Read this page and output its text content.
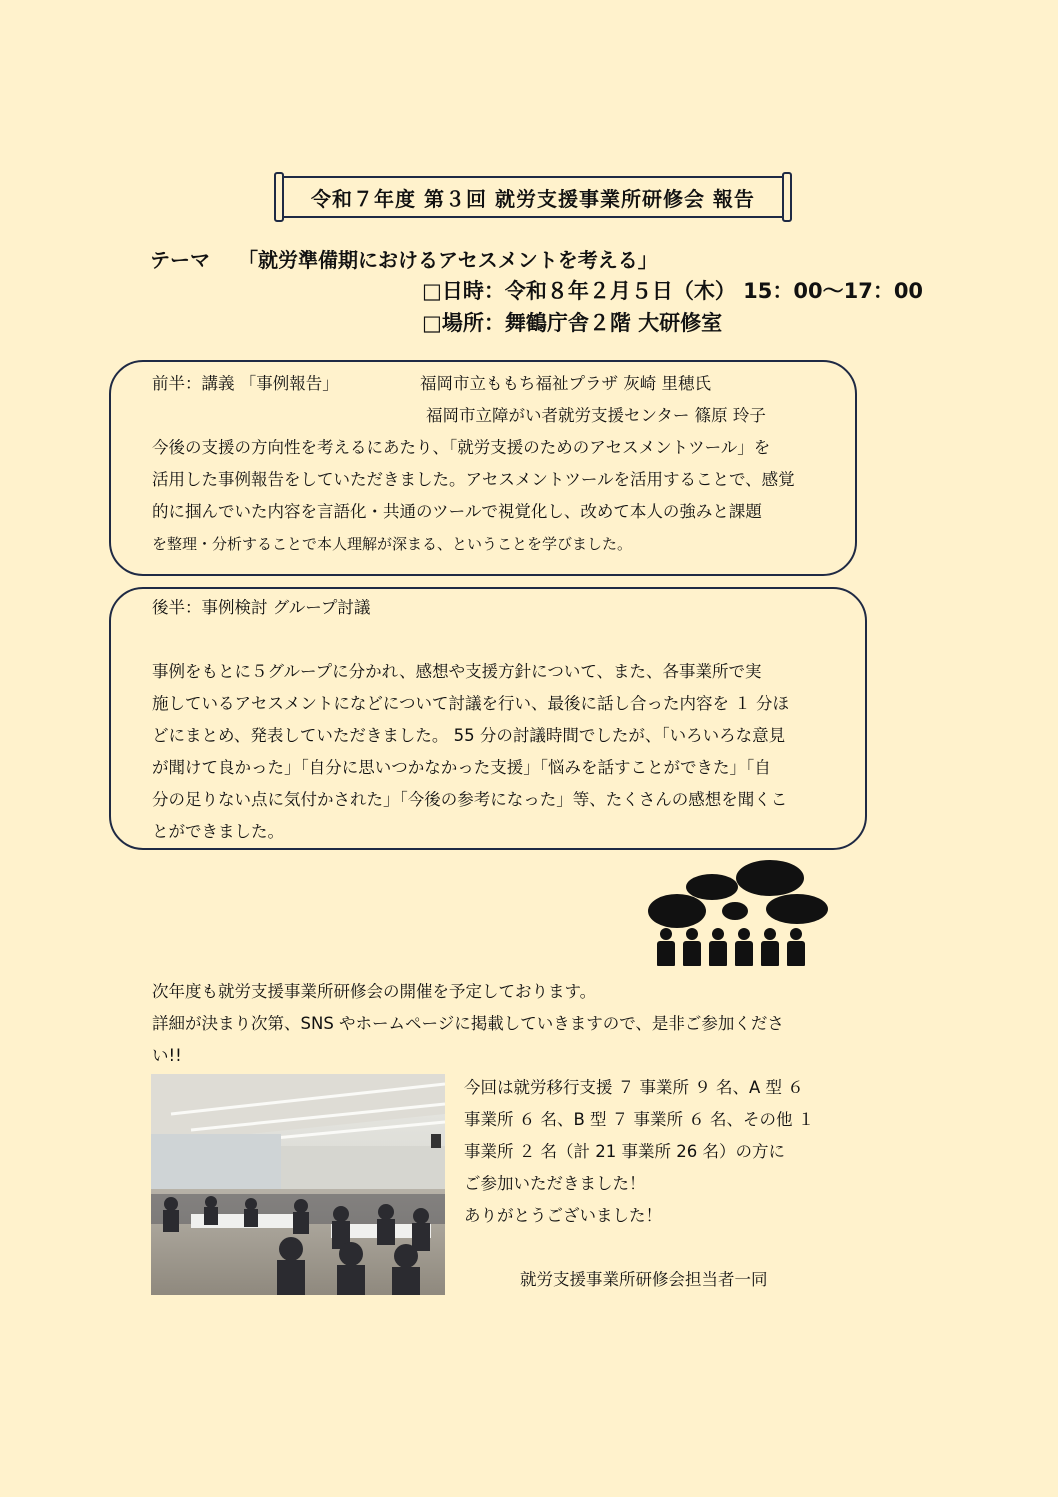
令和７年度 第３回 就労支援事業所研修会 報告
テーマ 「就労準備期におけるアセスメントを考える」
□日時：令和８年２月５日（木） 15：00～17：00
□場所：舞鶴庁舎２階 大研修室
前半：講義 「事例報告」	福岡市立ももち福祉プラザ 灰崎 里穂氏
福岡市立障がい者就労支援センター 篠原 玲子
今後の支援の方向性を考えるにあたり、「就労支援のためのアセスメントツール」を
活用した事例報告をしていただきました。アセスメントツールを活用することで、感覚
的に掴んでいた内容を言語化・共通のツールで視覚化し、改めて本人の強みと課題
を整理・分析することで本人理解が深まる、ということを学びました。
後半：事例検討 グループ討議
事例をもとに５グループに分かれ、感想や支援方針について、また、各事業所で実
施しているアセスメントになどについて討議を行い、最後に話し合った内容を １ 分ほ
どにまとめ、発表していただきました。 55 分の討議時間でしたが、「いろいろな意見
が聞けて良かった」「自分に思いつかなかった支援」「悩みを話すことができた」「自
分の足りない点に気付かされた」「今後の参考になった」等、たくさんの感想を聞くこ
とができました。
次年度も就労支援事業所研修会の開催を予定しております。
詳細が決まり次第、SNS やホームページに掲載していきますので、是非ご参加くださ
い!!
今回は就労移行支援 ７ 事業所 ９ 名、A 型 ６
事業所 ６ 名、B 型 ７ 事業所 ６ 名、その他 １
事業所 ２ 名（計 21 事業所 26 名）の方に
ご参加いただきました！
ありがとうございました！
就労支援事業所研修会担当者一同
